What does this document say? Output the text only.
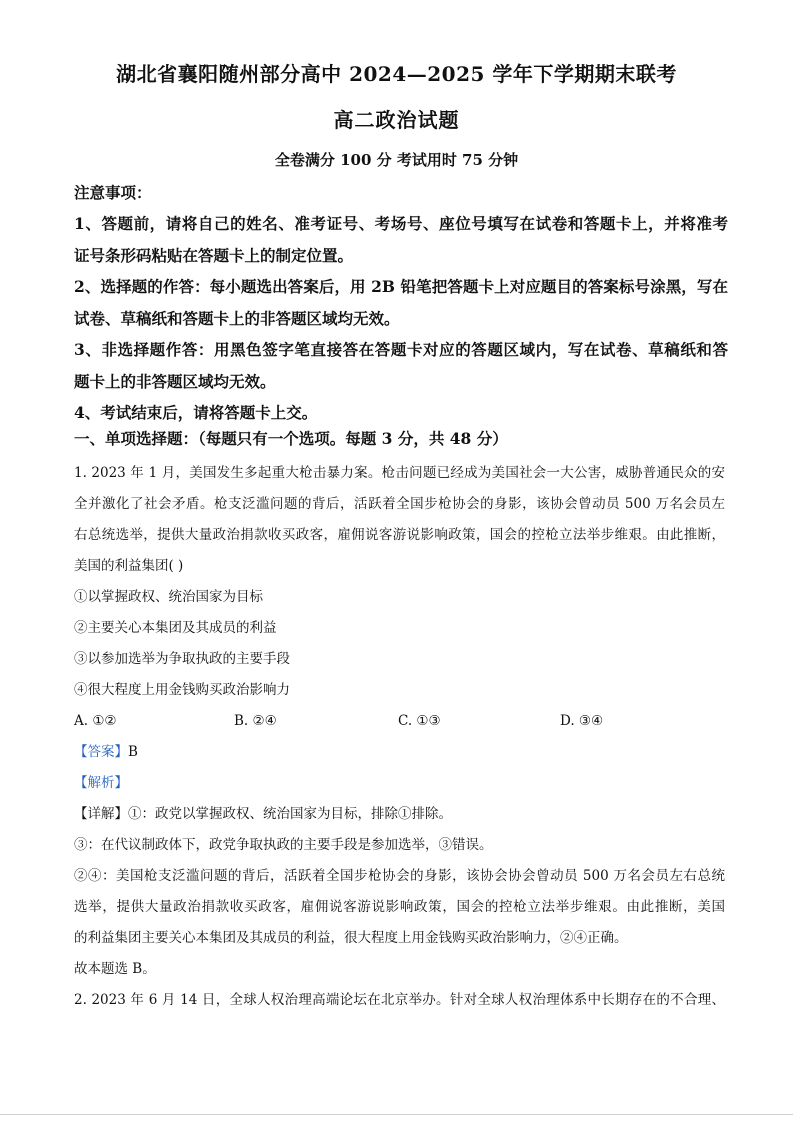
湖北省襄阳随州部分高中 2024—2025 学年下学期期末联考
高二政治试题
全卷满分 100 分 考试用时 75 分钟
注意事项：
1、答题前，请将自己的姓名、准考证号、考场号、座位号填写在试卷和答题卡上，并将准考
证号条形码粘贴在答题卡上的制定位置。
2、选择题的作答：每小题选出答案后，用 2B 铅笔把答题卡上对应题目的答案标号涂黑，写在
试卷、草稿纸和答题卡上的非答题区域均无效。
3、非选择题作答：用黑色签字笔直接答在答题卡对应的答题区域内，写在试卷、草稿纸和答
题卡上的非答题区域均无效。
4、考试结束后，请将答题卡上交。
一、单项选择题：（每题只有一个选项。每题 3 分，共 48 分）
1. 2023 年 1 月，美国发生多起重大枪击暴力案。枪击问题已经成为美国社会一大公害，威胁普通民众的安
全并激化了社会矛盾。枪支泛滥问题的背后，活跃着全国步枪协会的身影，该协会曾动员 500 万名会员左
右总统选举，提供大量政治捐款收买政客，雇佣说客游说影响政策，国会的控枪立法举步维艰。由此推断，
美国的利益集团( )
①以掌握政权、统治国家为目标
②主要关心本集团及其成员的利益
③以参加选举为争取执政的主要手段
④很大程度上用金钱购买政治影响力
A. ①②	B. ②④	C. ①③	D. ③④
【答案】B
【解析】
【详解】①：政党以掌握政权、统治国家为目标，排除①排除。
③：在代议制政体下，政党争取执政的主要手段是参加选举，③错误。
②④：美国枪支泛滥问题的背后，活跃着全国步枪协会的身影，该协会协会曾动员 500 万名会员左右总统
选举，提供大量政治捐款收买政客，雇佣说客游说影响政策，国会的控枪立法举步维艰。由此推断，美国
的利益集团主要关心本集团及其成员的利益，很大程度上用金钱购买政治影响力，②④正确。
故本题选 B。
2. 2023 年 6 月 14 日，全球人权治理高端论坛在北京举办。针对全球人权治理体系中长期存在的不合理、
